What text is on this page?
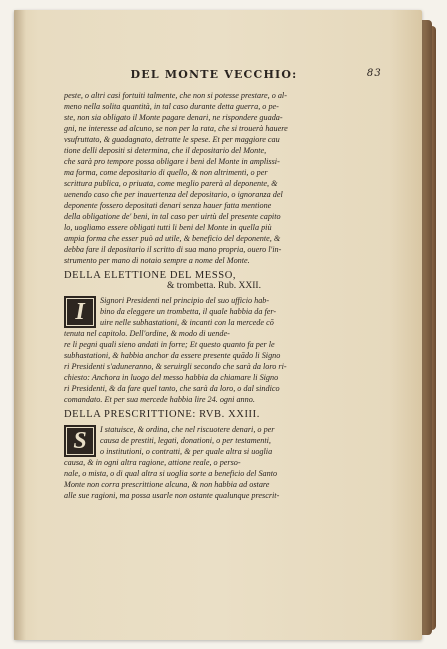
DEL MONTE VECCHIO:	83
peste, o altri casi fortuiti talmente, che non si potesse prestare, o al-
meno nella solita quantità, in tal caso durante detta guerra, o pe-
ste, non sia obligato il Monte pagare denari, ne rispondere guada-
gni, ne interesse ad alcuno, se non per la rata, che si trouerà hauere
vsufruttato, & guadagnato, detratte le spese. Et per maggiore cau
tione delli depositi si determina, che il depositario del Monte,
che sarà pro tempore possa obligare i beni del Monte in amplissi-
ma forma, come depositario di quello, & non altrimenti, o per
scrittura publica, o priuata, come meglio parerà al deponente, &
uenendo caso che per inauertenza del depositario, o ignoranza del
deponente fossero depositati denari senza hauer fatta mentione
della obligatione de' beni, in tal caso per uirtù del presente capito
lo, uogliamo essere obligati tutti li beni del Monte in quella più
ampia forma che esser può ad utile, & beneficio del deponente, &
debba fare il depositario il scritto di sua mano propria, ouero l'in-
strumento per mano di notaio sempre a nome del Monte.
DELLA ELETTIONE DEL MESSO,
& trombetta. Rub. XXII.
I	Signori Presidenti nel principio del suo ufficio hab-
bino da eleggere un trombetta, il quale habbia da fer-
uire nelle subhastationi, & incanti con la mercede cō
tenuta nel capitolo. Dell'ordine, & modo di uende-
re li pegni quali sieno andati in forre; Et questo quanto fa per le
subhastationi, & habbia anchor da essere presente quādo li Signo
ri Presidenti s'aduneranno, & seruirgli secondo che sarà da loro ri-
chiesto: Anchora in luogo del messo habbia da chiamare li Signo
ri Presidenti, & da fare quel tanto, che sarà da loro, o dal sindico
comandato. Et per sua mercede habbia lire 24. ogni anno.
DELLA PRESCRITTIONE: RVB. XXIII.
S	I statuisce, & ordina, che nel riscuotere denari, o per
causa de prestiti, legati, donationi, o per testamenti,
o institutioni, o contratti, & per quale altra si uoglia
causa, & in ogni altra ragione, attione reale, o perso-
nale, o mista, o di qual altra si uoglia sorte a beneficio del Santo
Monte non corra prescrittione alcuna, & non habbia ad ostare
alle sue ragioni, ma possa usarle non ostante qualunque prescrit-
